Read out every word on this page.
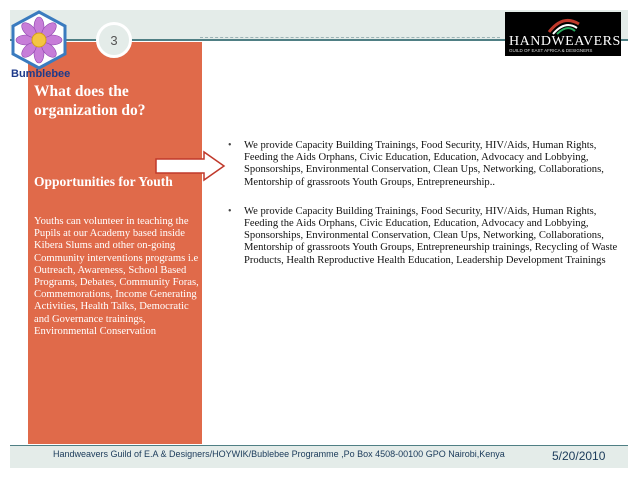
Bumblebee
3	HANDWEAVERS
GUILD OF EAST AFRICA & DESIGNERS
What does the organization do?
Opportunities for Youth
Youths can volunteer in teaching the Pupils at our Academy based inside Kibera Slums and other on-going Community interventions programs i.e Outreach, Awareness, School Based Programs, Debates, Community Foras, Commemorations, Income Generating Activities, Health Talks, Democratic and Governance trainings, Environmental Conservation
• We provide Capacity Building Trainings, Food Security, HIV/Aids, Human Rights, Feeding the Aids Orphans, Civic Education, Education, Advocacy and Lobbying, Sponsorships, Environmental Conservation, Clean Ups, Networking, Collaborations, Mentorship of grassroots Youth Groups, Entrepreneurship..
• We provide Capacity Building Trainings, Food Security, HIV/Aids, Human Rights, Feeding the Aids Orphans, Civic Education, Education, Advocacy and Lobbying, Sponsorships, Environmental Conservation, Clean Ups, Networking, Collaborations, Mentorship of grassroots Youth Groups, Entrepreneurship trainings, Recycling of Waste Products, Health Reproductive Health Education, Leadership Development Trainings
Handweavers Guild of E.A & Designers/HOYWIK/Bublebee Programme ,Po Box 4508-00100 GPO Nairobi,Kenya	5/20/2010
